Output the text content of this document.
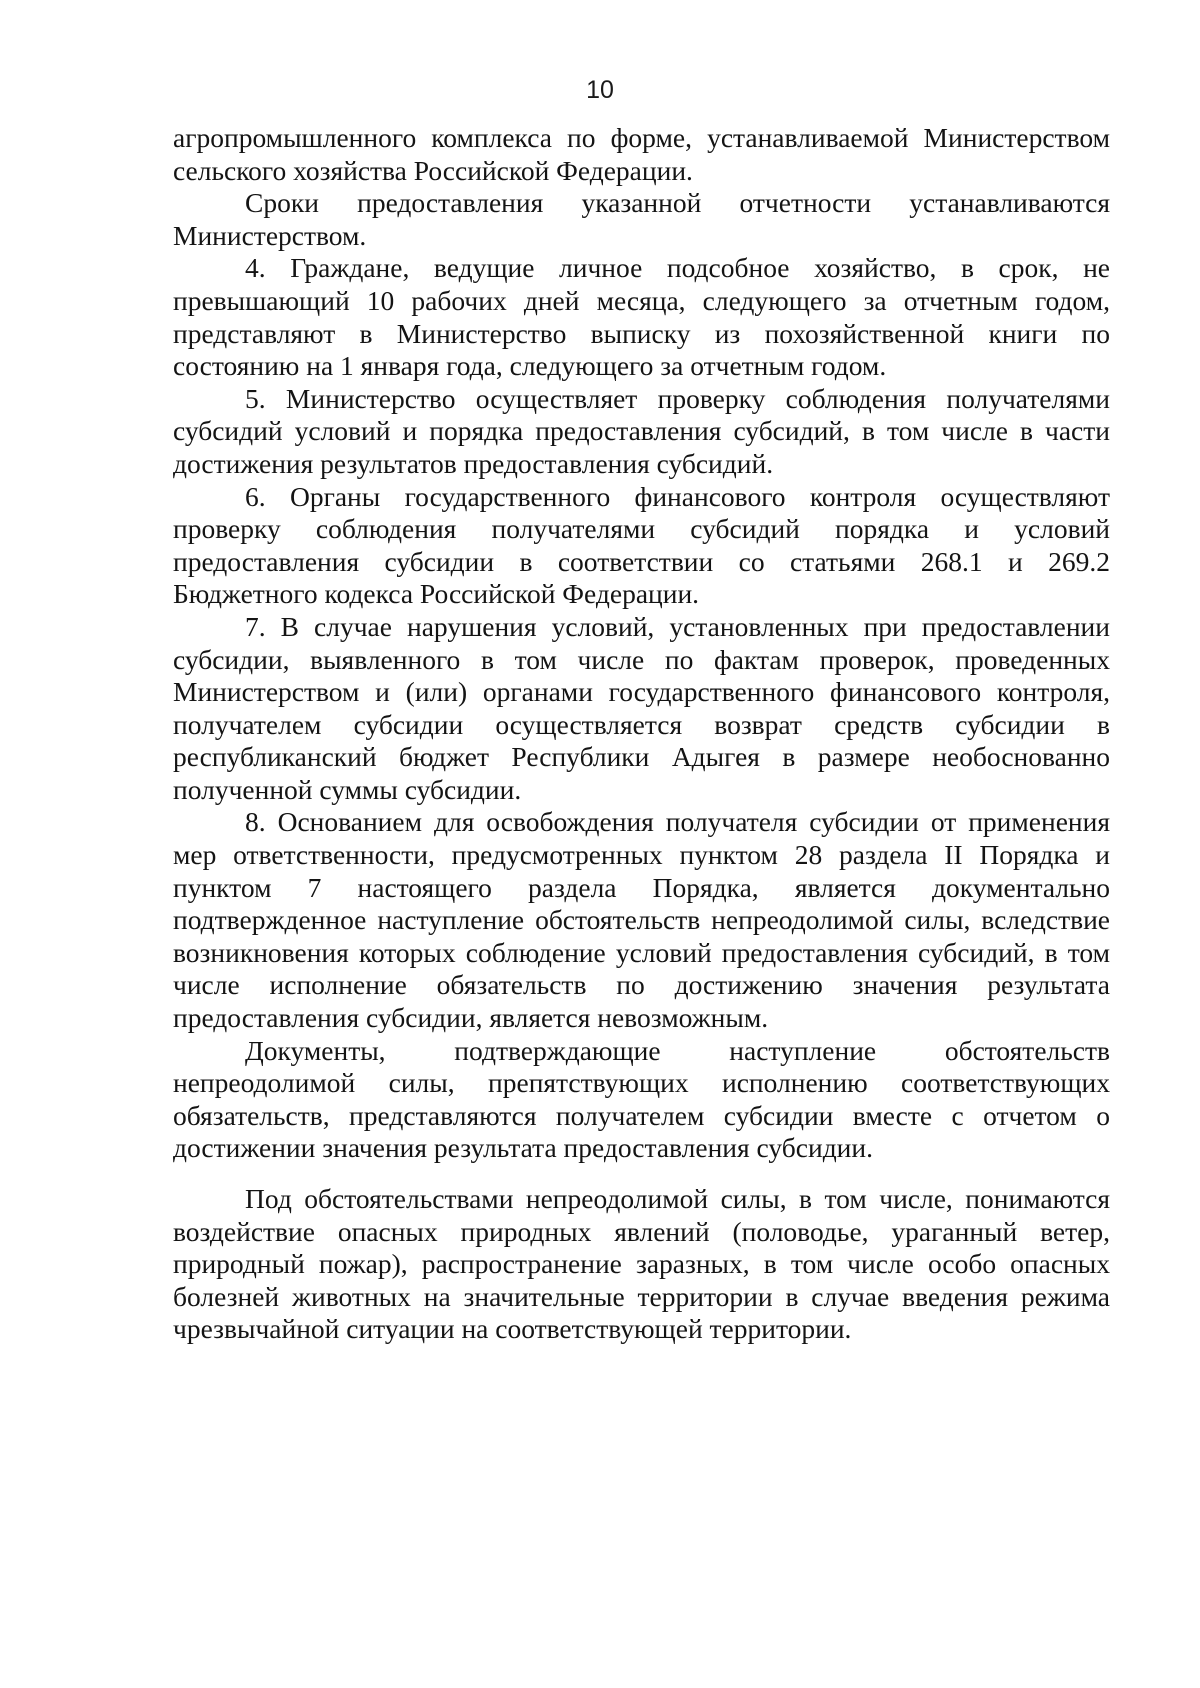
10

агропромышленного комплекса по форме, устанавливаемой Министерством сельского хозяйства Российской Федерации.

Сроки предоставления указанной отчетности устанавливаются Министерством.

4. Граждане, ведущие личное подсобное хозяйство, в срок, не превышающий 10 рабочих дней месяца, следующего за отчетным годом, представляют в Министерство выписку из похозяйственной книги по состоянию на 1 января года, следующего за отчетным годом.

5. Министерство осуществляет проверку соблюдения получателями субсидий условий и порядка предоставления субсидий, в том числе в части достижения результатов предоставления субсидий.

6. Органы государственного финансового контроля осуществляют проверку соблюдения получателями субсидий порядка и условий предоставления субсидии в соответствии со статьями 268.1 и 269.2 Бюджетного кодекса Российской Федерации.

7. В случае нарушения условий, установленных при предоставлении субсидии, выявленного в том числе по фактам проверок, проведенных Министерством и (или) органами государственного финансового контроля, получателем субсидии осуществляется возврат средств субсидии в республиканский бюджет Республики Адыгея в размере необоснованно полученной суммы субсидии.

8. Основанием для освобождения получателя субсидии от применения мер ответственности, предусмотренных пунктом 28 раздела II Порядка и пунктом 7 настоящего раздела Порядка, является документально подтвержденное наступление обстоятельств непреодолимой силы, вследствие возникновения которых соблюдение условий предоставления субсидий, в том числе исполнение обязательств по достижению значения результата предоставления субсидии, является невозможным.

Документы, подтверждающие наступление обстоятельств непреодолимой силы, препятствующих исполнению соответствующих обязательств, представляются получателем субсидии вместе с отчетом о достижении значения результата предоставления субсидии.

Под обстоятельствами непреодолимой силы, в том числе, понимаются воздействие опасных природных явлений (половодье, ураганный ветер, природный пожар), распространение заразных, в том числе особо опасных болезней животных на значительные территории в случае введения режима чрезвычайной ситуации на соответствующей территории.
